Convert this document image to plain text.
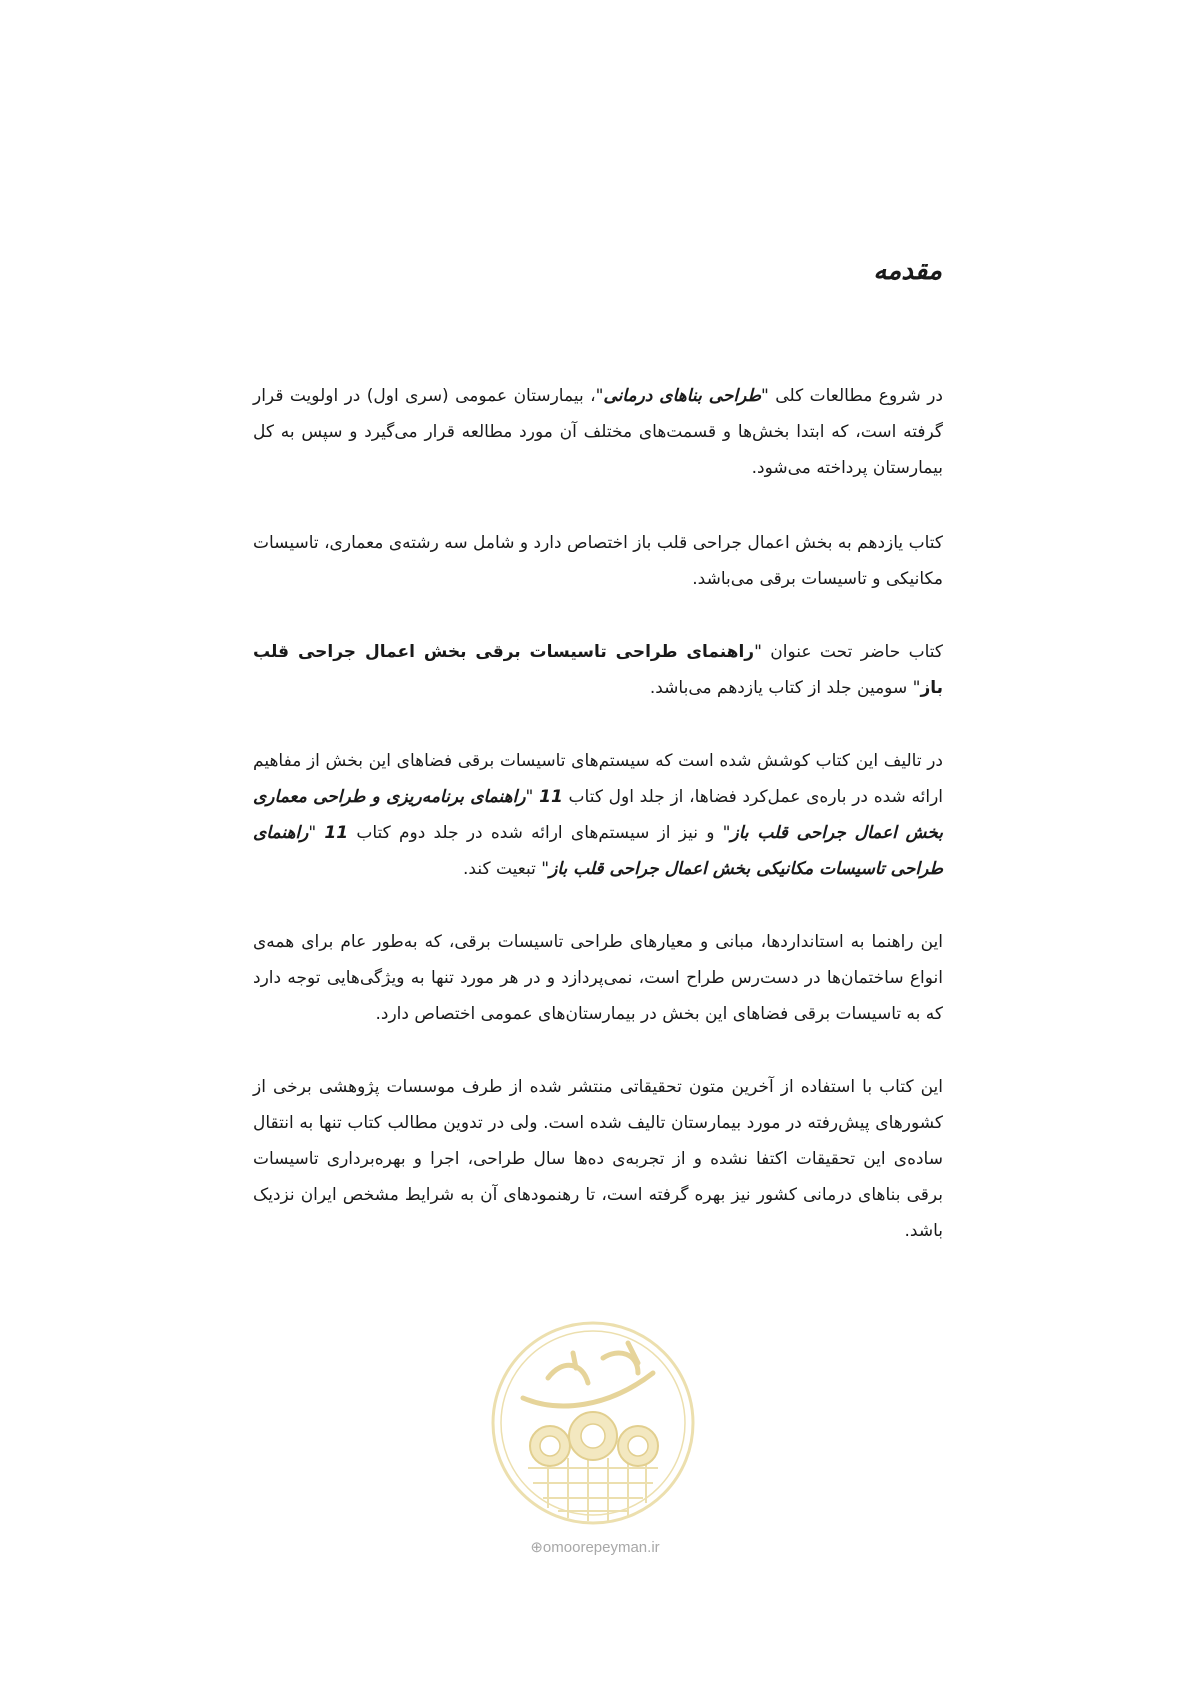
مقدمه
در شروع مطالعات کلی "طراحی بناهای درمانی"، بیمارستان عمومی (سری اول) در اولویت قرار گرفته است، که ابتدا بخش‌ها و قسمت‌های مختلف آن مورد مطالعه قرار می‌گیرد و سپس به کل بیمارستان پرداخته می‌شود.
کتاب یازدهم به بخش اعمال جراحی قلب باز اختصاص دارد و شامل سه رشته‌ی معماری، تاسیسات مکانیکی و تاسیسات برقی می‌باشد.
کتاب حاضر تحت عنوان "راهنمای طراحی تاسیسات برقی بخش اعمال جراحی قلب باز" سومین جلد از کتاب یازدهم می‌باشد.
در تالیف این کتاب کوشش شده است که سیستم‌های تاسیسات برقی فضاهای این بخش از مفاهیم ارائه شده در باره‌ی عمل‌کرد فضاها، از جلد اول کتاب 11 "راهنمای برنامه‌ریزی و طراحی معماری بخش اعمال جراحی قلب باز" و نیز از سیستم‌های ارائه شده در جلد دوم کتاب 11 "راهنمای طراحی تاسیسات مکانیکی بخش اعمال جراحی قلب باز" تبعیت کند.
این راهنما به استانداردها، مبانی و معیارهای طراحی تاسیسات برقی، که به‌طور عام برای همه‌ی انواع ساختمان‌ها در دست‌رس طراح است، نمی‌پردازد و در هر مورد تنها به ویژگی‌هایی توجه دارد که به تاسیسات برقی فضاهای این بخش در بیمارستان‌های عمومی اختصاص دارد.
این کتاب با استفاده از آخرین متون تحقیقاتی منتشر شده از طرف موسسات پژوهشی برخی از کشورهای پیش‌رفته در مورد بیمارستان تالیف شده است. ولی در تدوین مطالب کتاب تنها به انتقال ساده‌ی این تحقیقات اکتفا نشده و از تجربه‌ی ده‌ها سال طراحی، اجرا و بهره‌برداری تاسیسات برقی بناهای درمانی کشور نیز بهره گرفته است، تا رهنمودهای آن به شرایط مشخص ایران نزدیک باشد.
⊕omoorepeyman.ir
